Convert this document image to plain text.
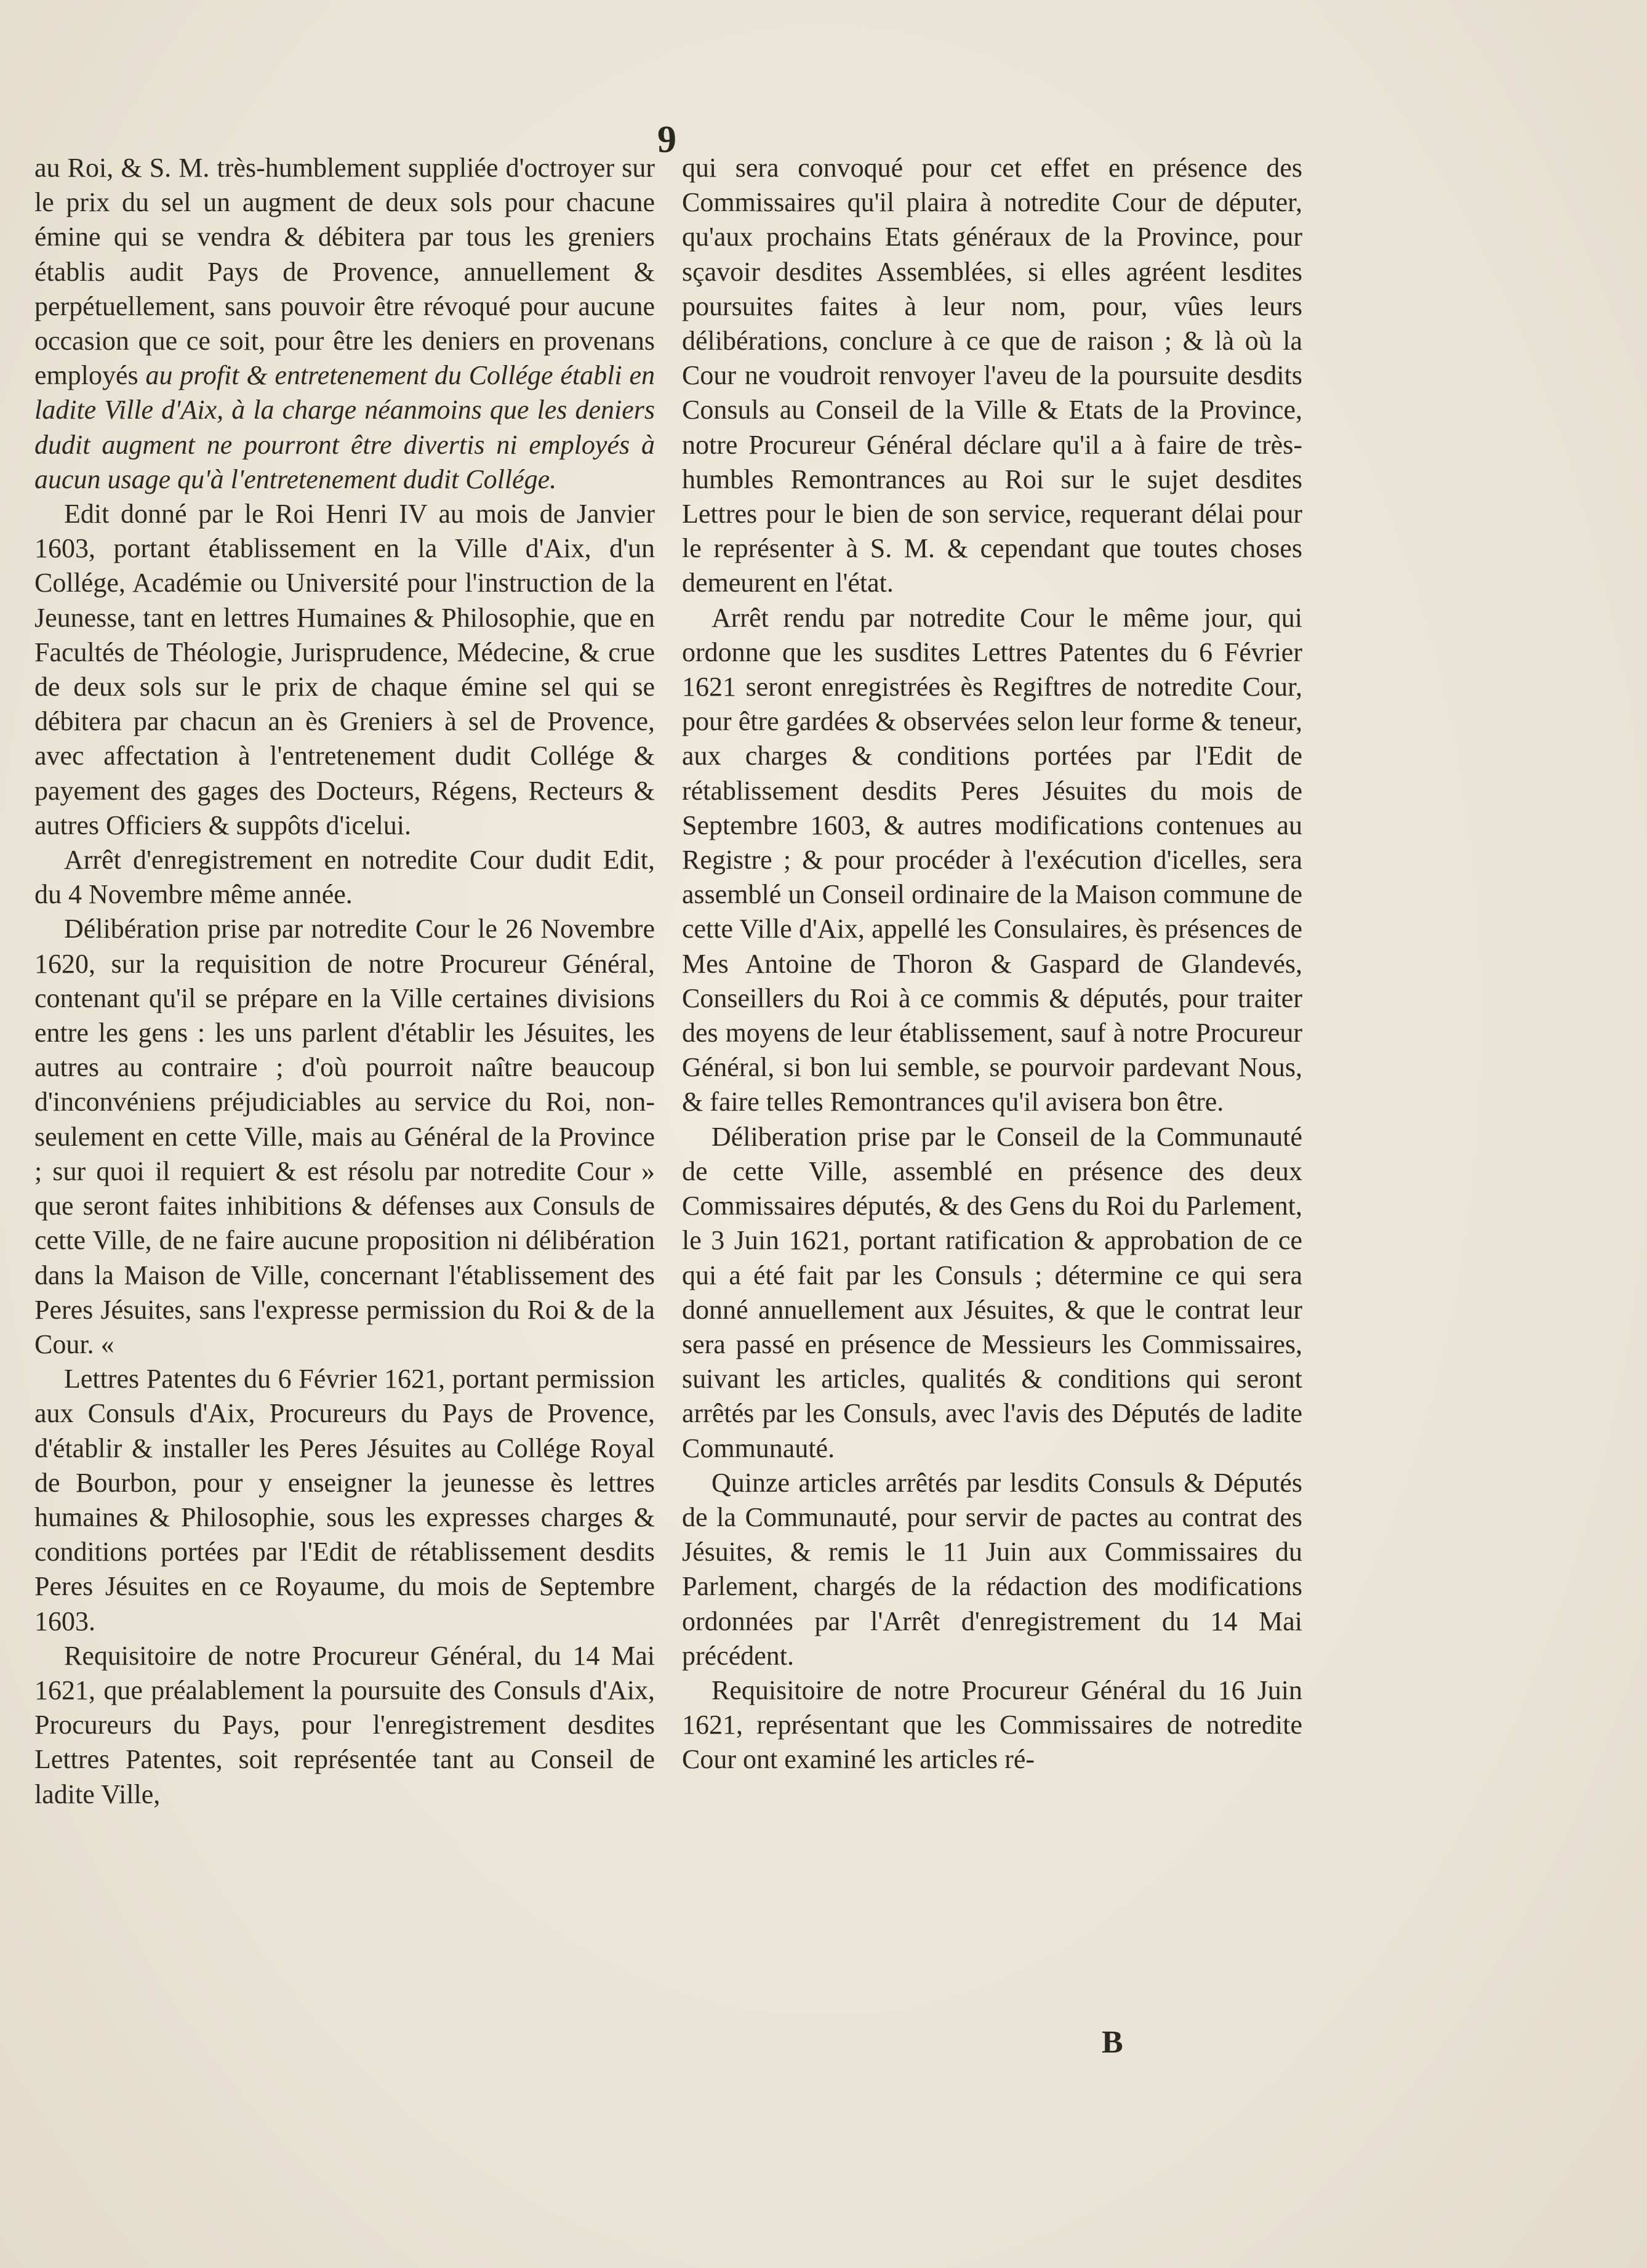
9

au Roi, & S. M. très-humblement suppliée d'octroyer sur le prix du sel un augment de deux sols pour chacune émine qui se vendra & débitera par tous les greniers établis audit Pays de Provence, annuellement & perpétuellement, sans pouvoir être révoqué pour aucune occasion que ce soit, pour être les deniers en provenans employés au profit & entretenement du Collége établi en ladite Ville d'Aix, à la charge néanmoins que les deniers dudit augment ne pourront être divertis ni employés à aucun usage qu'à l'entretenement dudit Collége.

Edit donné par le Roi Henri IV au mois de Janvier 1603, portant établissement en la Ville d'Aix, d'un Collége, Académie ou Université pour l'instruction de la Jeunesse, tant en lettres Humaines & Philosophie, que en Facultés de Théologie, Jurisprudence, Médecine, & crue de deux sols sur le prix de chaque émine sel qui se débitera par chacun an ès Greniers à sel de Provence, avec affectation à l'entretenement dudit Collége & payement des gages des Docteurs, Régens, Recteurs & autres Officiers & suppôts d'icelui.

Arrêt d'enregistrement en notredite Cour dudit Edit, du 4 Novembre même année.

Délibération prise par notredite Cour le 26 Novembre 1620, sur la requisition de notre Procureur Général, contenant qu'il se prépare en la Ville certaines divisions entre les gens : les uns parlent d'établir les Jésuites, les autres au contraire ; d'où pourroit naître beaucoup d'inconvéniens préjudiciables au service du Roi, non-seulement en cette Ville, mais au Général de la Province ; sur quoi il requiert & est résolu par notredite Cour » que seront faites inhibitions & défenses aux Consuls de cette Ville, de ne faire aucune proposition ni délibération dans la Maison de Ville, concernant l'établissement des Peres Jésuites, sans l'expresse permission du Roi & de la Cour. «

Lettres Patentes du 6 Février 1621, portant permission aux Consuls d'Aix, Procureurs du Pays de Provence, d'établir & installer les Peres Jésuites au Collége Royal de Bourbon, pour y enseigner la jeunesse ès lettres humaines & Philosophie, sous les expresses charges & conditions portées par l'Edit de rétablissement desdits Peres Jésuites en ce Royaume, du mois de Septembre 1603.

Requisitoire de notre Procureur Général, du 14 Mai 1621, que préalablement la poursuite des Consuls d'Aix, Procureurs du Pays, pour l'enregistrement desdites Lettres Patentes, soit représentée tant au Conseil de ladite Ville,

qui sera convoqué pour cet effet en présence des Commissaires qu'il plaira à notredite Cour de députer, qu'aux prochains Etats généraux de la Province, pour sçavoir desdites Assemblées, si elles agréent lesdites poursuites faites à leur nom, pour, vûes leurs délibérations, conclure à ce que de raison ; & là où la Cour ne voudroit renvoyer l'aveu de la poursuite desdits Consuls au Conseil de la Ville & Etats de la Province, notre Procureur Général déclare qu'il a à faire de très-humbles Remontrances au Roi sur le sujet desdites Lettres pour le bien de son service, requerant délai pour le représenter à S. M. & cependant que toutes choses demeurent en l'état.

Arrêt rendu par notredite Cour le même jour, qui ordonne que les susdites Lettres Patentes du 6 Février 1621 seront enregistrées ès Regiftres de notredite Cour, pour être gardées & observées selon leur forme & teneur, aux charges & conditions portées par l'Edit de rétablissement desdits Peres Jésuites du mois de Septembre 1603, & autres modifications contenues au Registre ; & pour procéder à l'exécution d'icelles, sera assemblé un Conseil ordinaire de la Maison commune de cette Ville d'Aix, appellé les Consulaires, ès présences de Mes Antoine de Thoron & Gaspard de Glandevés, Conseillers du Roi à ce commis & députés, pour traiter des moyens de leur établissement, sauf à notre Procureur Général, si bon lui semble, se pourvoir pardevant Nous, & faire telles Remontrances qu'il avisera bon être.

Déliberation prise par le Conseil de la Communauté de cette Ville, assemblé en présence des deux Commissaires députés, & des Gens du Roi du Parlement, le 3 Juin 1621, portant ratification & approbation de ce qui a été fait par les Consuls ; détermine ce qui sera donné annuellement aux Jésuites, & que le contrat leur sera passé en présence de Messieurs les Commissaires, suivant les articles, qualités & conditions qui seront arrêtés par les Consuls, avec l'avis des Députés de ladite Communauté.

Quinze articles arrêtés par lesdits Consuls & Députés de la Communauté, pour servir de pactes au contrat des Jésuites, & remis le 11 Juin aux Commissaires du Parlement, chargés de la rédaction des modifications ordonnées par l'Arrêt d'enregistrement du 14 Mai précédent.

Requisitoire de notre Procureur Général du 16 Juin 1621, représentant que les Commissaires de notredite Cour ont examiné les articles ré-

B
